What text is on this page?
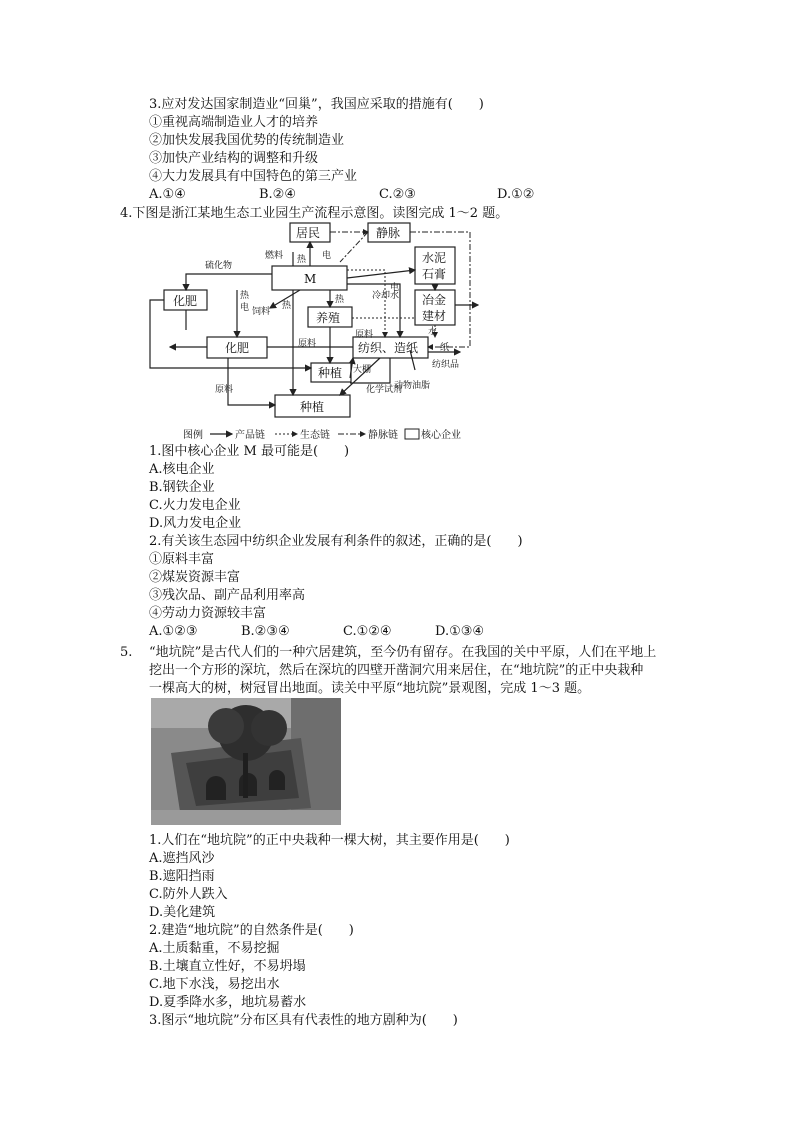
3.应对发达国家制造业“回巢”，我国应采取的措施有(　　)
①重视高端制造业人才的培养
②加快发展我国优势的传统制造业
③加快产业结构的调整和升级
④大力发展具有中国特色的第三产业
A.①④	B.②④	C.②③	D.①②
4.下图是浙江某地生态工业园生产流程示意图。读图完成 1～2 题。
居民	静脉
M
水泥
石膏
化肥
养殖
冶金
建材
化肥	纺织、造纸
种植
种植
燃料 热 电
硫化物
热
电
热
饲料
热
冷却水
电
水
原料
原料
纸
纺织品
大棚
化学试剂
动物油脂
原料
图例	产品链	生态链	静脉链 核心企业
1.图中核心企业 M 最可能是(　　)
A.核电企业
B.钢铁企业
C.火力发电企业
D.风力发电企业
2.有关该生态园中纺织企业发展有利条件的叙述，正确的是(　　)
①原料丰富
②煤炭资源丰富
③残次品、副产品利用率高
④劳动力资源较丰富
A.①②③	B.②③④	C.①②④	D.①③④
5. “地坑院”是古代人们的一种穴居建筑，至今仍有留存。在我国的关中平原，人们在平地上
挖出一个方形的深坑，然后在深坑的四壁开凿洞穴用来居住，在“地坑院”的正中央栽种
一棵高大的树，树冠冒出地面。读关中平原“地坑院”景观图，完成 1～3 题。
1.人们在“地坑院”的正中央栽种一棵大树，其主要作用是(　　)
A.遮挡风沙
B.遮阳挡雨
C.防外人跌入
D.美化建筑
2.建造“地坑院”的自然条件是(　　)
A.土质黏重，不易挖掘
B.土壤直立性好，不易坍塌
C.地下水浅，易挖出水
D.夏季降水多，地坑易蓄水
3.图示“地坑院”分布区具有代表性的地方剧种为(　　)
